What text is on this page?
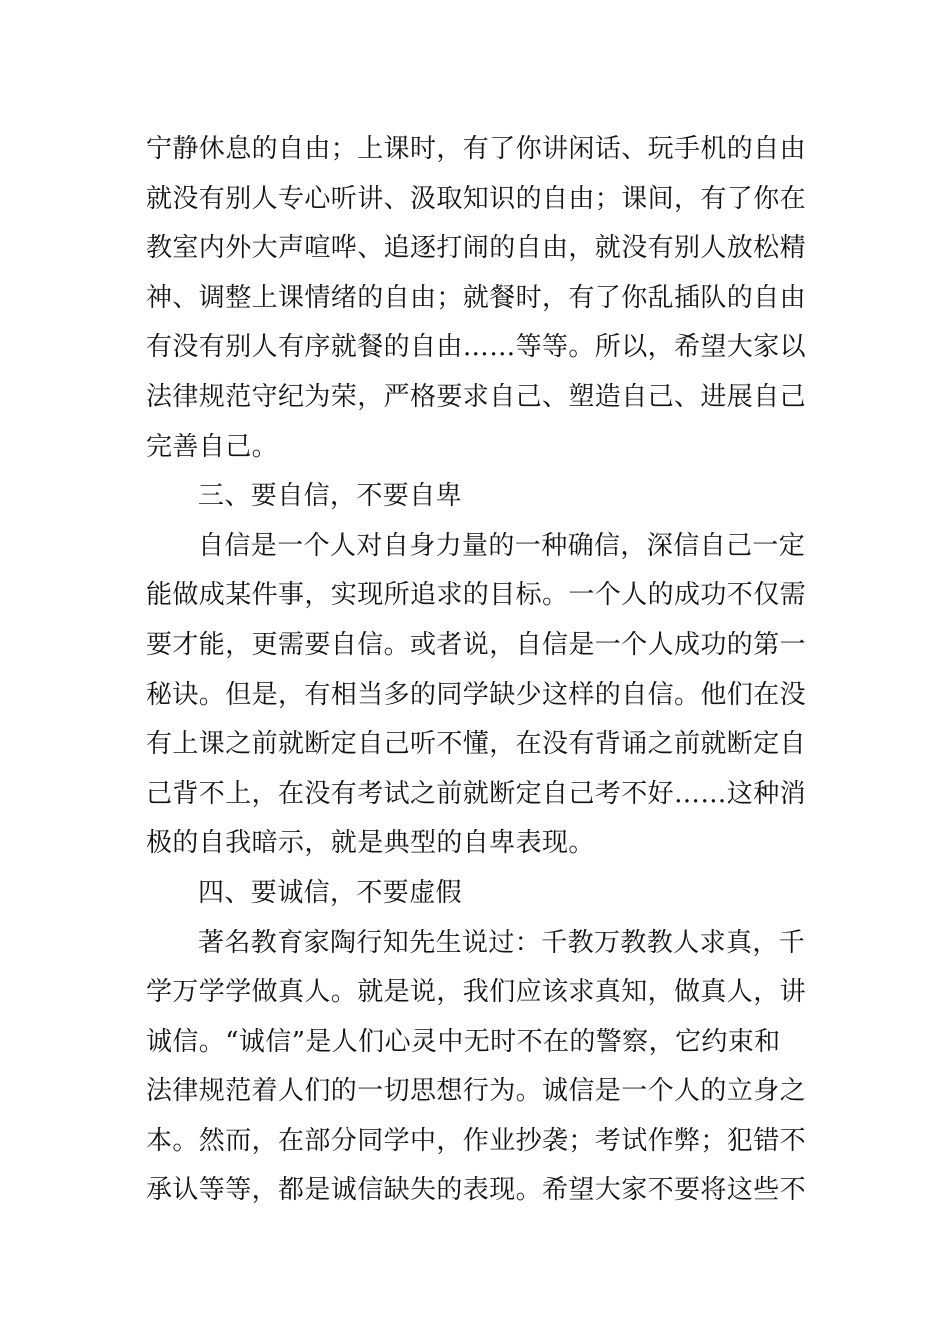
宁静休息的自由；上课时，有了你讲闲话、玩手机的自由
就没有别人专心听讲、汲取知识的自由；课间，有了你在
教室内外大声喧哗、追逐打闹的自由，就没有别人放松精
神、调整上课情绪的自由；就餐时，有了你乱插队的自由
有没有别人有序就餐的自由……等等。所以，希望大家以
法律规范守纪为荣，严格要求自己、塑造自己、进展自己
完善自己。
三、要自信，不要自卑
自信是一个人对自身力量的一种确信，深信自己一定
能做成某件事，实现所追求的目标。一个人的成功不仅需
要才能，更需要自信。或者说，自信是一个人成功的第一
秘诀。但是，有相当多的同学缺少这样的自信。他们在没
有上课之前就断定自己听不懂，在没有背诵之前就断定自
己背不上，在没有考试之前就断定自己考不好……这种消
极的自我暗示，就是典型的自卑表现。
四、要诚信，不要虚假
著名教育家陶行知先生说过：千教万教教人求真，千
学万学学做真人。就是说，我们应该求真知，做真人，讲
诚信。“诚信”是人们心灵中无时不在的警察，它约束和
法律规范着人们的一切思想行为。诚信是一个人的立身之
本。然而，在部分同学中，作业抄袭；考试作弊；犯错不
承认等等，都是诚信缺失的表现。希望大家不要将这些不
